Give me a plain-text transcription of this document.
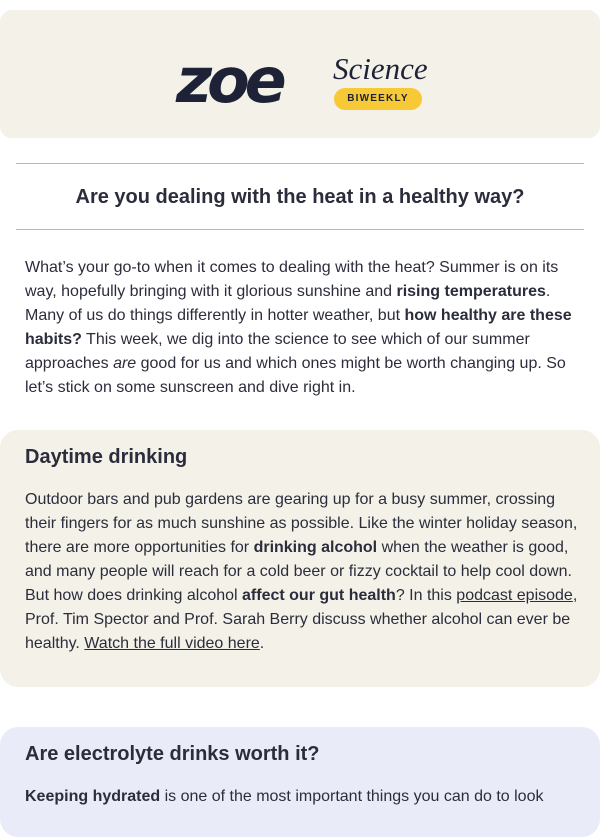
zoe Science
BIWEEKLY
Are you dealing with the heat in a healthy way?

What’s your go-to when it comes to dealing with the heat? Summer is on its way, hopefully bringing with it glorious sunshine and rising temperatures. Many of us do things differently in hotter weather, but how healthy are these habits? This week, we dig into the science to see which of our summer approaches are good for us and which ones might be worth changing up. So let’s stick on some sunscreen and dive right in.

Daytime drinking

Outdoor bars and pub gardens are gearing up for a busy summer, crossing their fingers for as much sunshine as possible. Like the winter holiday season, there are more opportunities for drinking alcohol when the weather is good, and many people will reach for a cold beer or fizzy cocktail to help cool down. But how does drinking alcohol affect our gut health? In this podcast episode, Prof. Tim Spector and Prof. Sarah Berry discuss whether alcohol can ever be healthy. Watch the full video here.

Are electrolyte drinks worth it?

Keeping hydrated is one of the most important things you can do to look
